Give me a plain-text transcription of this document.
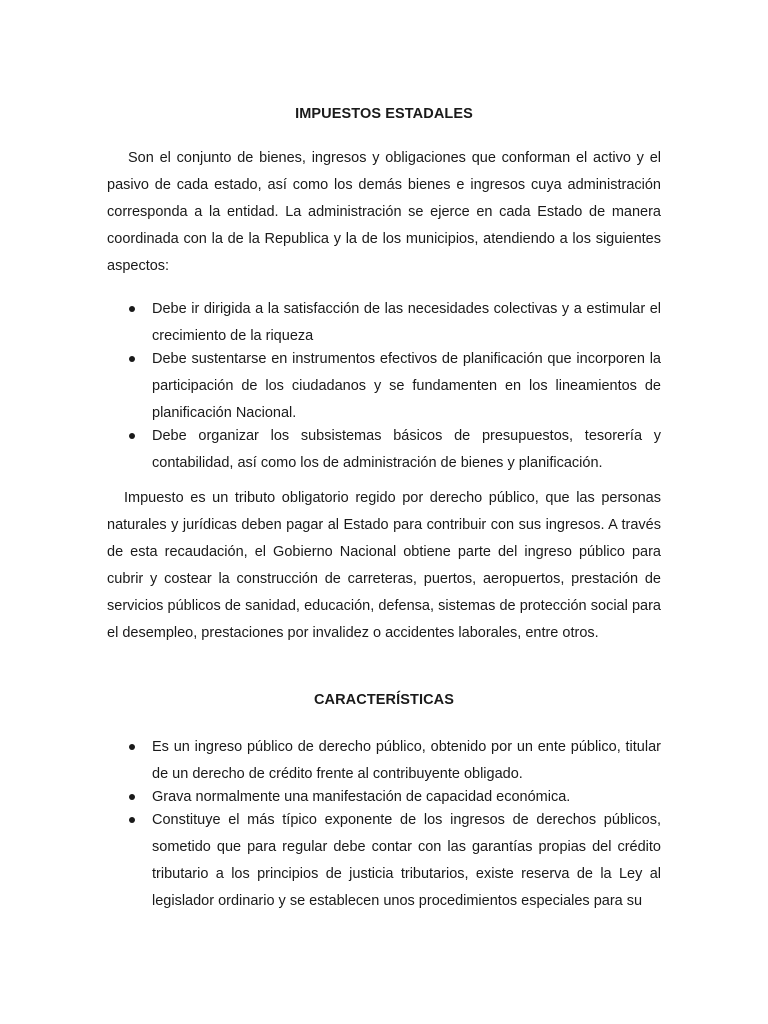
IMPUESTOS ESTADALES

Son el conjunto de bienes, ingresos y obligaciones que conforman el activo y el pasivo de cada estado, así como los demás bienes e ingresos cuya administración corresponda a la entidad. La administración se ejerce en cada Estado de manera coordinada con la de la Republica y la de los municipios, atendiendo a los siguientes aspectos:

Debe ir dirigida a la satisfacción de las necesidades colectivas y a estimular el crecimiento de la riqueza
Debe sustentarse en instrumentos efectivos de planificación que incorporen la participación de los ciudadanos y se fundamenten en los lineamientos de planificación Nacional.
Debe organizar los subsistemas básicos de presupuestos, tesorería y contabilidad, así como los de administración de bienes y planificación.

Impuesto es un tributo obligatorio regido por derecho público, que las personas naturales y jurídicas deben pagar al Estado para contribuir con sus ingresos. A través de esta recaudación, el Gobierno Nacional obtiene parte del ingreso público para cubrir y costear la construcción de carreteras, puertos, aeropuertos, prestación de servicios públicos de sanidad, educación, defensa, sistemas de protección social para el desempleo, prestaciones por invalidez o accidentes laborales, entre otros.

CARACTERÍSTICAS
Es un ingreso público de derecho público, obtenido por un ente público, titular de un derecho de crédito frente al contribuyente obligado.
Grava normalmente una manifestación de capacidad económica.
Constituye el más típico exponente de los ingresos de derechos públicos, sometido que para regular debe contar con las garantías propias del crédito tributario a los principios de justicia tributarios, existe reserva de la Ley al legislador ordinario y se establecen unos procedimientos especiales para su
